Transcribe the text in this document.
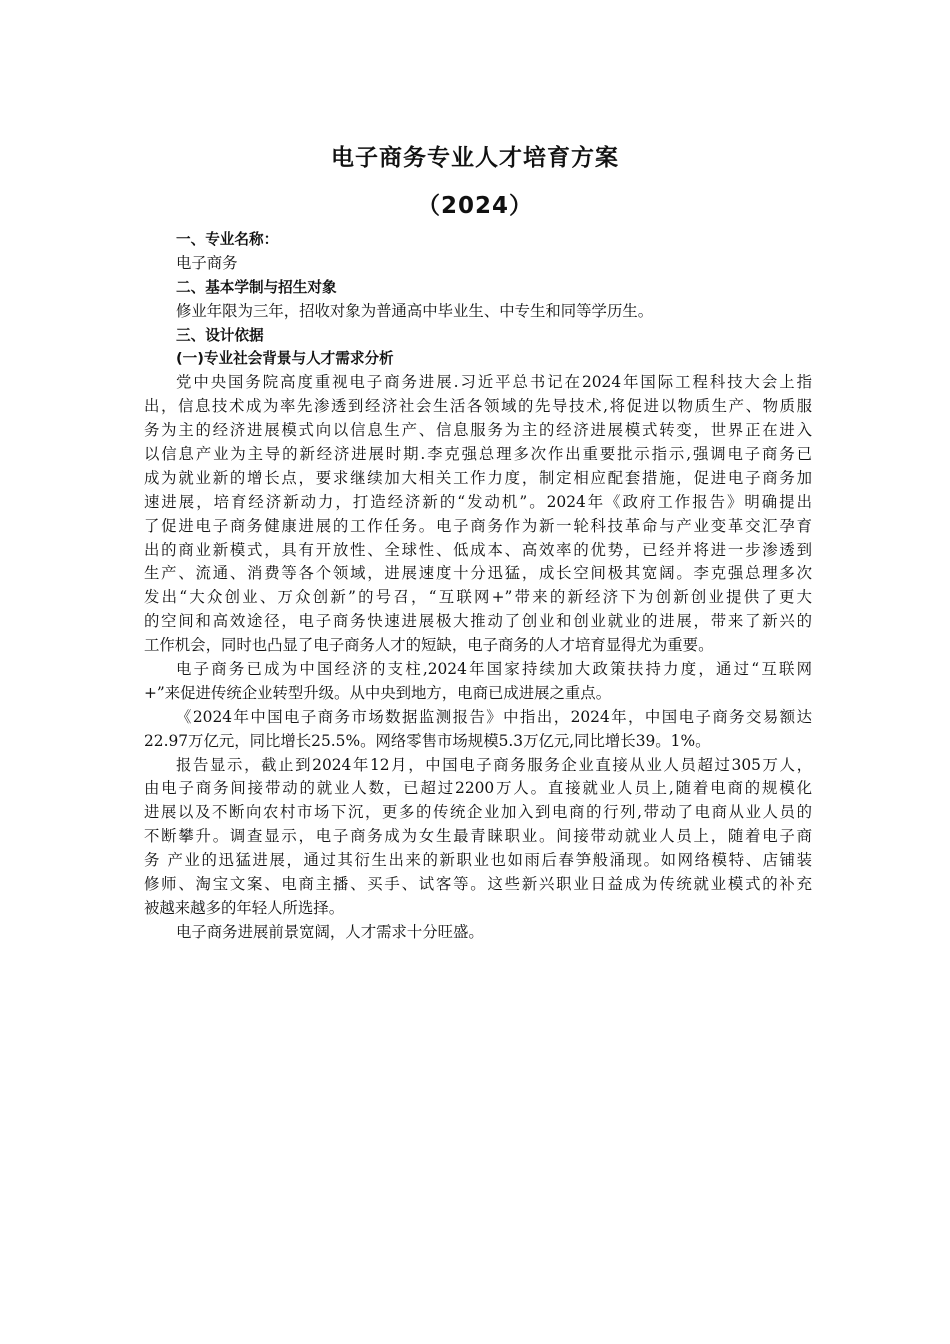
电子商务专业人才培育方案
（2024）
一、专业名称：
电子商务
二、基本学制与招生对象
修业年限为三年，招收对象为普通高中毕业生、中专生和同等学历生。
三、设计依据
(一)专业社会背景与人才需求分析
党中央国务院高度重视电子商务进展.习近平总书记在2024年国际工程科技大会上指
出，信息技术成为率先渗透到经济社会生活各领域的先导技术,将促进以物质生产、物质服
务为主的经济进展模式向以信息生产、信息服务为主的经济进展模式转变，世界正在进入
以信息产业为主导的新经济进展时期.李克强总理多次作出重要批示指示,强调电子商务已
成为就业新的增长点，要求继续加大相关工作力度，制定相应配套措施，促进电子商务加
速进展，培育经济新动力，打造经济新的“发动机”。2024年《政府工作报告》明确提出
了促进电子商务健康进展的工作任务。电子商务作为新一轮科技革命与产业变革交汇孕育
出的商业新模式，具有开放性、全球性、低成本、高效率的优势，已经并将进一步渗透到
生产、流通、消费等各个领域，进展速度十分迅猛，成长空间极其宽阔。李克强总理多次
发出“大众创业、万众创新”的号召，“互联网+”带来的新经济下为创新创业提供了更大
的空间和高效途径，电子商务快速进展极大推动了创业和创业就业的进展，带来了新兴的
工作机会，同时也凸显了电子商务人才的短缺，电子商务的人才培育显得尤为重要。
电子商务已成为中国经济的支柱,2024年国家持续加大政策扶持力度，通过“互联网
+”来促进传统企业转型升级。从中央到地方，电商已成进展之重点。
《2024年中国电子商务市场数据监测报告》中指出，2024年，中国电子商务交易额达
22.97万亿元，同比增长25.5%。网络零售市场规模5.3万亿元,同比增长39。1%。
报告显示，截止到2024年12月，中国电子商务服务企业直接从业人员超过305万人，
由电子商务间接带动的就业人数，已超过2200万人。直接就业人员上,随着电商的规模化
进展以及不断向农村市场下沉，更多的传统企业加入到电商的行列,带动了电商从业人员的
不断攀升。调查显示，电子商务成为女生最青睐职业。间接带动就业人员上，随着电子商
务 产业的迅猛进展，通过其衍生出来的新职业也如雨后春笋般涌现。如网络模特、店铺装
修师、淘宝文案、电商主播、买手、试客等。这些新兴职业日益成为传统就业模式的补充
被越来越多的年轻人所选择。
电子商务进展前景宽阔，人才需求十分旺盛。
